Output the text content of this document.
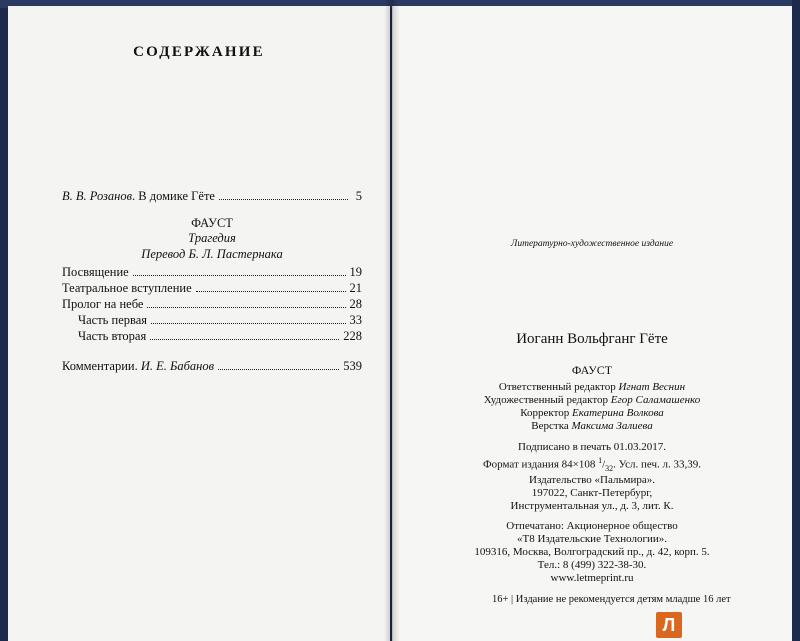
СОДЕРЖАНИЕ
В. В. Розанов. В домике Гёте	5
ФАУСТ
Трагедия
Перевод Б. Л. Пастернака
Посвящение	19
Театральное вступление	21
Пролог на небе	28
Часть первая	33
Часть вторая	228
Комментарии. И. Е. Бабанов	539
Литературно-художественное издание
Иоганн Вольфганг Гёте
ФАУСТ
Ответственный редактор Игнат Веснин
Художественный редактор Егор Саламашенко
Корректор Екатерина Волкова
Верстка Максима Залиева
Подписано в печать 01.03.2017.
Формат издания 84×108 $^1/_{32}$. Усл. печ. л. 33,39.
Издательство «Пальмира».
197022, Санкт-Петербург,
Инструментальная ул., д. 3, лит. К.
Отпечатано: Акционерное общество
«Т8 Издательские Технологии».
109316, Москва, Волгоградский пр., д. 42, корп. 5.
Тел.: 8 (499) 322-38-30.
www.letmeprint.ru
16+ | Издание не рекомендуется детям младше 16 лет
Л
